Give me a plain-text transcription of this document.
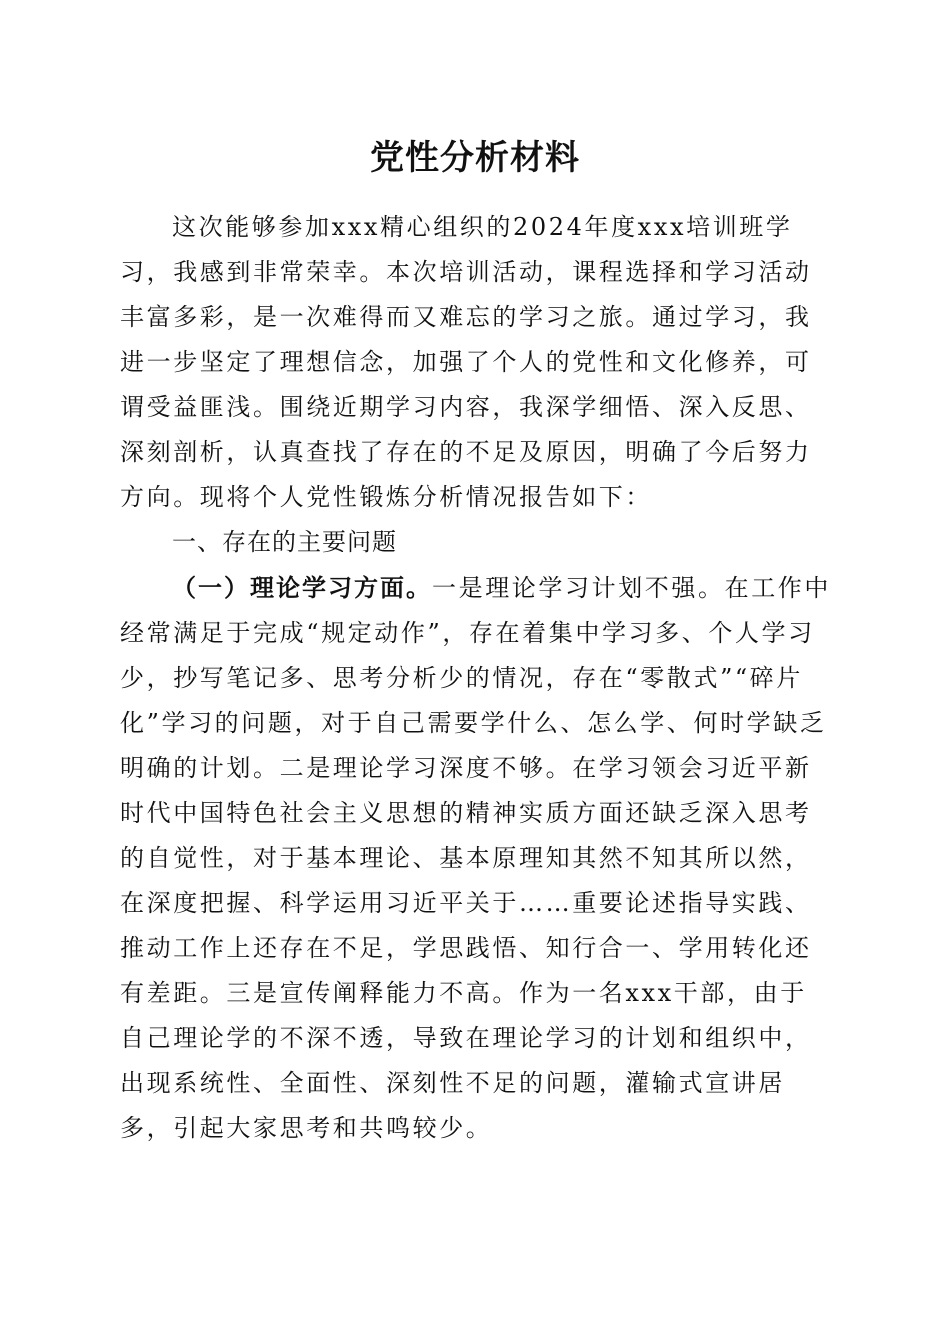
党性分析材料

这次能够参加xxx精心组织的2024年度xxx培训班学习，我感到非常荣幸。本次培训活动，课程选择和学习活动丰富多彩，是一次难得而又难忘的学习之旅。通过学习，我进一步坚定了理想信念，加强了个人的党性和文化修养，可谓受益匪浅。围绕近期学习内容，我深学细悟、深入反思、深刻剖析，认真查找了存在的不足及原因，明确了今后努力方向。现将个人党性锻炼分析情况报告如下：

一、存在的主要问题

（一）理论学习方面。一是理论学习计划不强。在工作中经常满足于完成“规定动作”，存在着集中学习多、个人学习少，抄写笔记多、思考分析少的情况，存在“零散式”“碎片化”学习的问题，对于自己需要学什么、怎么学、何时学缺乏明确的计划。二是理论学习深度不够。在学习领会习近平新时代中国特色社会主义思想的精神实质方面还缺乏深入思考的自觉性，对于基本理论、基本原理知其然不知其所以然，在深度把握、科学运用习近平关于……重要论述指导实践、推动工作上还存在不足，学思践悟、知行合一、学用转化还有差距。三是宣传阐释能力不高。作为一名xxx干部，由于自己理论学的不深不透，导致在理论学习的计划和组织中，出现系统性、全面性、深刻性不足的问题，灌输式宣讲居多，引起大家思考和共鸣较少。
